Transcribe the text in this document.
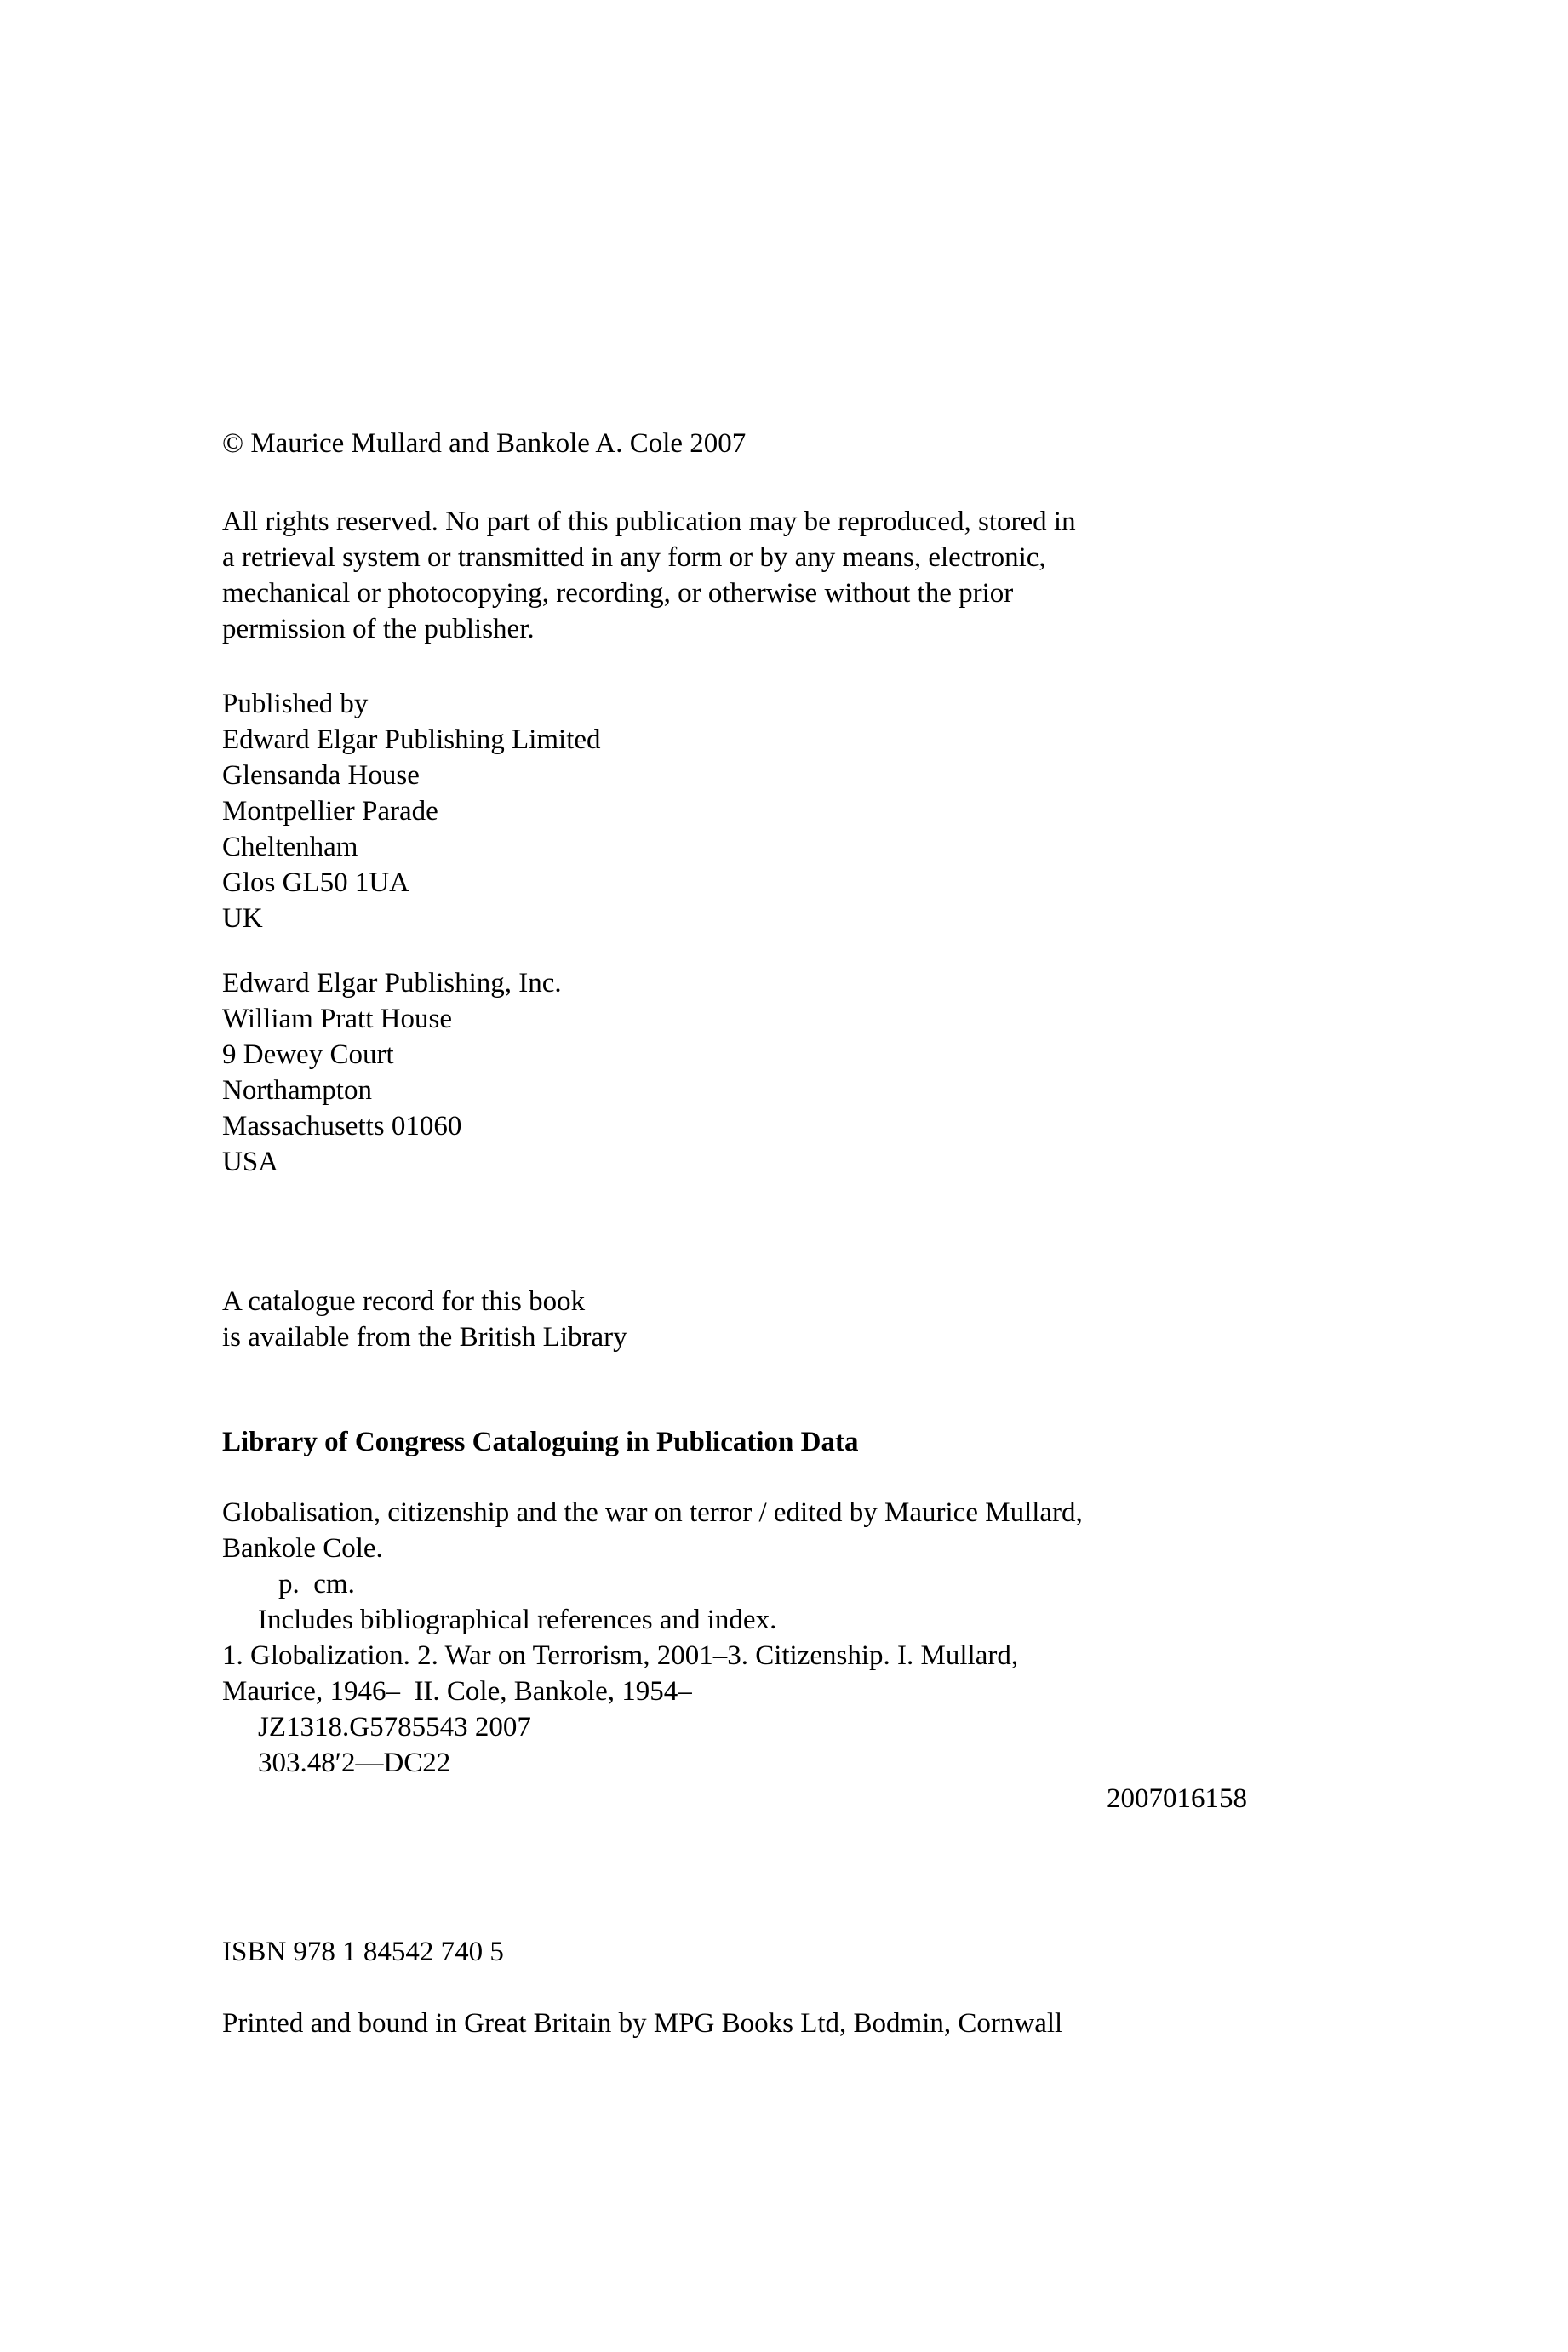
© Maurice Mullard and Bankole A. Cole 2007
All rights reserved. No part of this publication may be reproduced, stored in
a retrieval system or transmitted in any form or by any means, electronic,
mechanical or photocopying, recording, or otherwise without the prior
permission of the publisher.
Published by
Edward Elgar Publishing Limited
Glensanda House
Montpellier Parade
Cheltenham
Glos GL50 1UA
UK
Edward Elgar Publishing, Inc.
William Pratt House
9 Dewey Court
Northampton
Massachusetts 01060
USA
A catalogue record for this book
is available from the British Library
Library of Congress Cataloguing in Publication Data
Globalisation, citizenship and the war on terror / edited by Maurice Mullard,
Bankole Cole.
p.  cm.
Includes bibliographical references and index.
1. Globalization. 2. War on Terrorism, 2001–3. Citizenship. I. Mullard,
Maurice, 1946–  II. Cole, Bankole, 1954–
JZ1318.G5785543 2007
303.48′2—DC22
2007016158
ISBN 978 1 84542 740 5
Printed and bound in Great Britain by MPG Books Ltd, Bodmin, Cornwall
